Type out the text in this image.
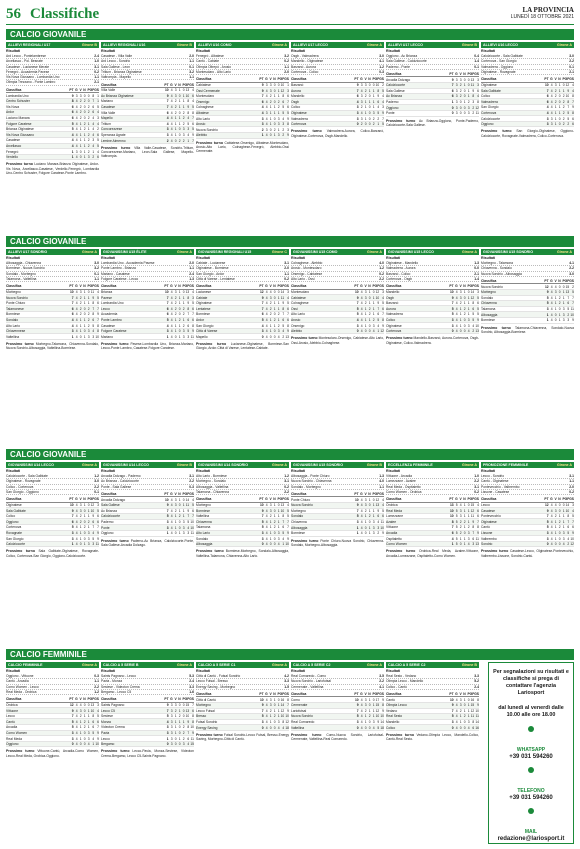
56 Classifiche	LA PROVINCIA
LUNEDÌ 18 OTTOBRE 2021
CALCIO GIOVANILE
ALLIEVI REGIONALI U17	Girone B
Risultati
Ard Lecco - Pontelambrese	2-4
Arcellasco - Pol. Besnate	1-0
Casatese - Lucianese Merate	3-1
Fenegrò - Accademia Pavese	0-2
Vis Nova Giussano - Lombardia Uno	1-1
Olimpia Trezzano - Ponte Lambro	2-1
Classifica	PT	G	V	N	P	GF	GS
Lombardia Uno	9	3	3	0	0	8	1
Centro Schuster	8	4	2	2	0	7	1
Vis Nova	6	4	2	0	2	6	5
Ardor	6	4	2	0	2	6	4
Luciano Manara	6	4	2	0	2	4	3
Folgore Caratese	5	4	1	2	1	4	4
Brianza Olginatese	5	4	1	2	1	4	2
Vis Nova Giussano	4	4	1	1	2	4	6
Casatese	4	4	1	1	2	3	5
Arcellasco	4	4	1	1	2	4	5
Fenegrò	1	3	0	1	2	1	4
Verdello	1	4	0	1	3	2	6
Prossimo turno Luciano Manara-Brianza Olginatese, Ardor-Vis Nova, Arcellasco-Casatese, Verdello-Fenegrò, Lombardia Uno-Centro Schuster, Folgore Caratese-Ponte Lambro.
ALLIEVI REGIONALI U16	Girone B
Risultati
Casatese - Villa Valle	2-0
Ard Lecco - Sondrio	1-1
Sala Gallese - Leon	0-1
Tritium - Brianza Olginatese	3-2
Valtrompia - Mapello	1-1
Classifica	PT	G	V	N	P	GF	GS
Villa Valle	10	4	3	1	0	13	4
Ac Brianza Olginatese	9	4	3	0	1	10	6
Mariano	7	4	2	1	1	8	4
Casatese	7	4	2	1	1	9	5
Villa Valle	6	4	2	0	2	8	8
Mapello	4	4	1	1	2	4	7
Tritium	4	4	1	1	2	5	6
Concorezzese	3	4	1	0	3	3	5
Speranza Agrate	3	4	1	0	3	4	9
Lemine Almenno	2	4	0	2	2	1	7
Prossimo turno Villa Valle-Casatese, Sondrio-Tritium, Concorezzese-Mariano, Leon-Sala Gallese, Mapello-Valtrompia.
ALLIEVI U16 COMO	Girone A
Risultati
Fenegrò - Albatese	3-2
Cantù - Cabiate	0-2
Olimpia Oltrepò - Arosio	1-1
Montesolaro - Alto Lario	2-0
Classifica	PT	G	V	N	P	GF	GS
Cabiatese	9	3	3	0	0	10	1
Ossi Cermenate	9	4	3	0	1	12	3
Montesolaro	7	4	2	1	1	8	6
Orsenigo	6	4	2	0	2	6	7
Colnaghese	4	4	1	1	2	5	6
Albatese	4	3	1	1	1	5	5
Alto Lario	3	4	1	0	3	4	9
Arosio	3	4	1	0	3	3	8
Nuova Sondrio	2	3	0	2	1	2	3
Alebbio	1	4	0	1	3	2	9
Prossimo turno Cabiatese-Orsenigo, Albatese-Montesolaro, Arosio-Alto Lario, Colnaghese-Fenegrò, Alebbio-Ossi Cermenate.
ALLIEVI U17 LECCO	Girone A
Risultati
Osgb - Valmadrera	3-0
Mandello - Olginatese	4-1
Barzanò - Aurora	1-2
Cortenova - Colico	0-3
Classifica	PT	G	V	N	P	GF	GS
Barzanò	9	3	3	0	0	10	2
Aurora	7	4	2	1	1	8	5
Mandello	6	3	2	0	1	9	4
Osgb	4	3	1	1	1	6	4
Colico	3	2	1	0	1	4	3
Olginatese	3	4	1	0	3	5	9
Valmadrera	3	3	1	0	2	2	7
Cortenova	0	2	0	0	2	1	5
Prossimo turno Valmadrera-Aurora, Colico-Barzanò, Olginatese-Cortenova, Osgb-Mandello.
ALLIEVI U17 LECCO	Girone B
Risultati
Oggiono - Ac Brianza	0-4
Sala Gallese - Calolziocorte	1-4
Paderno - Ponte	0-1
Classifica	PT	G	V	N	P	GF	GS
Arcadia Dolzago	9	3	3	0	0	13	3
Calolziocorte	7	3	2	1	0	11	3
Sala Gallese	6	3	2	0	1	9	6
Ac Brianza	6	3	2	0	1	8	4
Paderno	1	3	0	1	2	3	8
Oggiono	0	3	0	0	3	2	12
Ponte	0	3	0	0	3	2	11
Prossimo turno Ac Brianza-Oggiono, Ponte-Paderno, Calolziocorte-Sala Gallese.
ALLIEVI U16 LECCO	Girone A
Risultati
Calolziocorte - Sala Galbiate	3-0
Cortenova - San Giorgio	2-2
Valmadrera - Oggiono	0-1
Olginatese - Rovagnate	2-1
Classifica	PT	G	V	N	P	GF	GS
Olginatese	10	4	3	1	0	12	4
Sala Galbiate	7	4	2	1	1	9	4
Colico	6	4	2	0	2	10	8
Valmadrera	6	4	2	0	2	8	7
San Giorgio	4	4	1	1	2	7	9
Cortenova	4	4	1	1	2	5	8
Calolziocorte	3	3	1	0	2	5	6
Oggiono	3	3	1	0	2	2	6
Prossimo turno San Giorgio-Olginatese, Oggiono-Calolziocorte, Rovagnate-Valmadrera, Colico-Cortenova.
CALCIO GIOVANILE
ALLIEVI U17 SONDRIO	Girone A
Risultati
Albosaggia - Chiavenna	3-0
Bormiese - Nuova Sondrio	3-2
Sondalo - Morbegno	0-1
Talamona - Valtellina	1-1
Classifica	PT	G	V	N	P	GF	GS
Morbegno	10	4	3	1	0	11	4
Nuova Sondrio	7	4	2	1	1	9	5
Ponte Chiuro	7	4	2	1	1	8	6
Talamonese	6	4	2	0	2	7	7
Bormiese	6	4	2	0	2	8	9
Sondalo	4	4	1	1	2	6	7
Alto Lario	4	4	1	1	2	5	8
Chiavennese	3	4	1	0	3	4	8
Valtellina	1	4	0	1	3	3	10
Prossimo turno Morbegno-Talamona, Chiavenna-Sondalo, Nuova Sondrio-Albosaggia, Valtellina-Bormiese.
GIOVANISSIMI U15 ÉLITE	Girone A
Risultati
Lombardia Uno - Accademia Pavese	2-0
Ponte Lambro - Brianza	1-1
Mariano - Casatese	2-4
Folgore Caratese - Lecco	1-3
Classifica	PT	G	V	N	P	GF	GS
Brianza	10	4	3	1	0	13	4
Pavese	7	4	2	1	1	8	3
Lombardia Uno	7	4	2	1	1	9	5
Lecco	6	4	2	0	2	8	6
Accademia	6	4	2	0	2	7	7
Ponte Lambro	5	4	1	2	1	6	6
Casatese	4	4	1	1	2	6	8
Folgore Caratese	3	4	1	0	3	5	9
Mariano	1	4	0	1	3	3	11
Prossimo turno Pavese-Lombardia Uno, Brianza-Mariano, Lecco-Ponte Lambro, Casatese-Folgore Caratese.
GIOVANISSIMI REGIONALI U15	Girone C
Risultati
Cabiate - Lucianese	3-1
Olginatese - Bormiese	2-0
San Giorgio - Ardor	1-1
Città di Varese - Lentatese	0-2
Classifica	PT	G	V	N	P	GF	GS
Lucianese	12	4	4	0	0	14	3
Cabiate	9	4	3	0	1	11	4
Olginatese	7	4	2	1	1	9	5
Lentatese	7	4	2	1	1	8	6
Bormiese	6	4	2	0	2	7	7
Ardor	5	4	1	2	1	6	6
San Giorgio	4	4	1	1	2	5	8
Città di Varese	3	4	1	0	3	4	9
Mapello	0	4	0	0	4	2	13
Prossimo turno Lucianese-Olginatese, Bormiese-San Giorgio, Ardor-Città di Varese, Lentatese-Cabiate.
GIOVANISSIMI U15 COMO	Girone A
Risultati
Colnaghese - Alebbio	4-0
Arosio - Montesolaro	1-2
Orsenigo - Cabiatese	0-2
Alto Lario - Ossi	2-2
Classifica	PT	G	V	N	P	GF	GS
Montesolaro	10	4	3	1	0	12	3
Cabiatese	9	4	3	0	1	10	4
Colnaghese	7	4	2	1	1	9	5
Ossi	5	4	1	2	1	7	6
Alto Lario	5	4	1	2	1	6	7
Arosio	4	4	1	1	2	5	8
Orsenigo	3	4	1	0	3	4	9
Alebbio	0	4	0	0	4	1	12
Prossimo turno Montesolaro-Orsenigo, Cabiatese-Alto Lario, Ossi-Arosio, Alebbio-Colnaghese.
GIOVANISSIMI U15 LECCO	Girone A
Risultati
Olginatese - Mandello	1-3
Valmadrera - Aurora	0-0
Barzanò - Colico	2-1
Cortenova - Osgb	1-4
Classifica	PT	G	V	N	P	GF	GS
Mandello	10	4	3	1	0	14	3
Osgb	9	4	3	0	1	12	5
Barzanò	7	4	2	1	1	8	6
Aurora	5	4	1	2	1	6	5
Valmadrera	5	4	1	2	1	5	5
Colico	3	4	1	0	3	5	9
Olginatese	3	4	1	0	3	4	10
Cortenova	0	4	0	0	4	2	13
Prossimo turno Mandello-Barzanò, Aurora-Cortenova, Osgb-Olginatese, Colico-Valmadrera.
GIOVANISSIMI U15 SONDRIO	Girone A
Risultati
Morbegno - Talamona	4-1
Chiavenna - Sondalo	2-2
Nuova Sondrio - Albosaggia	3-0
Classifica	PT	G	V	N	P	GF	GS
Nuova Sondrio	12	4	4	0	0	15	2
Morbegno	9	4	3	0	1	13	5
Sondalo	5	4	1	2	1	7	7
Chiavenna	5	4	1	2	1	6	7
Talamona	3	4	1	0	3	5	11
Albosaggia	1	4	0	1	3	2	10
Bormiese	1	4	0	1	3	3	9
Prossimo turno Talamona-Chiavenna, Sondalo-Nuova Sondrio, Albosaggia-Bormiese.
CALCIO GIOVANILE
GIOVANISSIMI U14 LECCO	Girone A
Risultati
Calolziocorte - Sala Galbiate	1-2
Olginatese - Rovagnate	3-0
Colico - Cortenova	2-2
San Giorgio - Oggiono	0-1
Classifica	PT	G	V	N	P	GF	GS
Olginatese	10	4	3	1	0	12	3
Sala Galbiate	9	4	3	0	1	10	5
Colico	7	4	2	1	1	9	6
Oggiono	6	4	2	0	2	6	6
Cortenova	5	4	1	2	1	7	7
Rovagnate	3	4	1	0	3	4	9
San Giorgio	3	4	1	0	3	5	9
Calolziocorte	1	4	0	1	3	3	11
Prossimo turno Sala Galbiate-Olginatese, Rovagnate-Colico, Cortenova-San Giorgio, Oggiono-Calolziocorte.
GIOVANISSIMI U14 LECCO	Girone B
Risultati
Arcadia Dolzago - Paderno	3-1
Ac Brianza - Calolziocorte	2-2
Ponte - Sala Gallese	0-3
Classifica	PT	G	V	N	P	GF	GS
Arcadia Dolzago	10	4	3	1	0	14	4
Sala Gallese	9	4	3	0	1	11	5
Ac Brianza	7	4	2	1	1	9	6
Calolziocorte	5	4	1	2	1	7	7
Paderno	3	4	1	0	3	5	10
Ponte	3	4	1	0	3	4	10
Oggiono	1	4	0	1	3	3	11
Prossimo turno Paderno-Ac Brianza, Calolziocorte-Ponte, Sala Gallese-Arcadia Dolzago.
GIOVANISSIMI U14 SONDRIO	Girone A
Risultati
Alto Lario - Bormiese	1-2
Morbegno - Sondalo	3-1
Albosaggia - Valtellina	0-2
Talamona - Chiavenna	2-2
Classifica	PT	G	V	N	P	GF	GS
Morbegno	10	4	3	1	0	13	4
Bormiese	9	4	3	0	1	10	5
Valtellina	7	4	2	1	1	8	5
Chiavenna	5	4	1	2	1	7	7
Talamona	5	4	1	2	1	6	7
Alto Lario	3	4	1	0	3	5	9
Sondalo	3	4	1	0	3	4	9
Albosaggia	0	4	0	0	4	1	10
Prossimo turno Bormiese-Morbegno, Sondalo-Albosaggia, Valtellina-Talamona, Chiavenna-Alto Lario.
GIOVANISSIMI U15 SONDRIO	Girone B
Risultati
Albosaggia - Ponte Chiuro	1-3
Nuova Sondrio - Chiavenna	4-0
Sondalo - Morbegno	1-1
Classifica	PT	G	V	N	P	GF	GS
Ponte Chiuro	10	4	3	1	0	12	4
Nuova Sondrio	9	4	3	0	1	13	4
Morbegno	7	4	2	1	1	9	5
Sondalo	5	4	1	2	1	6	6
Chiavenna	3	4	1	0	3	4	11
Albosaggia	1	4	0	1	3	3	10
Bormiese	1	4	0	1	3	2	9
Prossimo turno Ponte Chiuro-Nuova Sondrio, Chiavenna-Sondalo, Morbegno-Albosaggia.
ECCELLENZA FEMMINILE	Girone A
Risultati
Vittuone - Arcadia	1-0
Lumezzane - Azalee	2-2
Real Meda - Ospitaletto	3-1
Como Women - Orobica	0-2
Classifica	PT	G	V	N	P	GF	GS
Orobica	13	5	4	1	0	15	4
Real Meda	10	5	3	1	1	12	6
Lumezzane	10	5	3	1	1	11	6
Azalee	8	5	2	2	1	9	7
Vittuone	7	5	2	1	2	8	8
Arcadia	6	5	2	0	3	7	9
Ospitaletto	4	5	1	1	3	6	11
Como Women	1	5	0	1	4	3	13
Prossimo turno Orobica-Real Meda, Azalee-Vittuone, Arcadia-Lumezzane, Ospitaletto-Como Women.
PROMOZIONE FEMMINILE	Girone A
Risultati
Lecco - Sondrio	3-1
Cantù - Olginatese	1-1
Pontevecchio - Valbrembo	2-0
Lissone - Casatese	0-2
Classifica	PT	G	V	N	P	GF	GS
Lecco	12	4	4	0	0	14	3
Casatese	9	4	3	0	1	10	4
Pontevecchio	7	4	2	1	1	8	5
Olginatese	5	4	1	2	1	7	7
Cantù	5	4	1	2	1	6	6
Lissone	3	4	1	0	3	5	9
Valbrembo	3	4	1	0	3	4	10
Sondrio	0	4	0	0	4	2	12
Prossimo turno Casatese-Lecco, Olginatese-Pontevecchio, Valbrembo-Lissone, Sondrio-Cantù.
CALCIO FEMMINILE
CALCIO FEMMINILE	Girone A
Risultati
Oggiono - Vittuone	0-3
Cantù - Arcadia	1-1
Como Women - Lecco	2-2
Real Meda - Orobica	1-2
Classifica	PT	G	V	N	P	GF	GS
Orobica	12	4	4	0	0	13	3
Vittuone	9	4	3	0	1	10	4
Lecco	7	4	2	1	1	8	5
Cantù	5	4	1	2	1	6	6
Arcadia	5	4	1	2	1	6	7
Como Women	3	4	1	0	3	5	9
Real Meda	3	4	1	0	3	4	9
Oggiono	0	4	0	0	4	1	10
Prossimo turno Vittuone-Cantù, Arcadia-Como Women, Lecco-Real Meda, Orobica-Oggiono.
CALCIO A 5 SERIE B	Girone A
Risultati
Saints Pagnano - Lecco	5-3
Pavia - Monza	2-4
Sestese - Videoton Crema	3-3
Bergamo - Lecco C5	1-6
Classifica	PT	G	V	N	P	GF	GS
Saints Pagnano	9	3	3	0	0	15	7
Lecco C5	7	3	2	1	0	13	6
Sestese	5	3	1	2	0	10	8
Monza	4	3	1	1	1	9	8
Videoton Crema	3	3	1	0	2	8	10
Pavia	3	3	1	0	2	7	9
Lecco	1	3	0	1	2	6	11
Bergamo	0	3	0	0	3	4	15
Prossimo turno Lecco-Pavia, Monza-Sestese, Videoton Crema-Bergamo, Lecco C5-Saints Pagnano.
CALCIO A 5 SERIE C1	Girone A
Risultati
Città di Cantù - Futsal Sondrio	4-2
Lecco Futsal - Bresso	3-3
Energy Saving - Morbegno	1-5
Classifica	PT	G	V	N	P	GF	GS
Città di Cantù	10	4	3	1	0	16	8
Morbegno	9	4	3	0	1	14	7
Lecco Futsal	7	4	2	1	1	12	9
Bresso	5	4	1	2	1	10	10
Futsal Sondrio	3	4	1	0	3	8	12
Energy Saving	0	4	0	0	4	4	18
Prossimo turno Futsal Sondrio-Lecco Futsal, Bresso-Energy Saving, Morbegno-Città di Cantù.
CALCIO A 5 SERIE C2	Girone A
Risultati
Real Cornaredo - Como	3-5
Nuova Sondrio - Lariofutsal	2-2
Cermenate - Valtellina	4-1
Classifica	PT	G	V	N	P	GF	GS
Como	10	4	3	1	0	17	9
Cermenate	9	4	3	0	1	15	8
Lariofutsal	7	4	2	1	1	12	9
Nuova Sondrio	5	4	1	2	1	10	10
Real Cornaredo	3	4	1	0	3	9	14
Valtellina	0	4	0	0	4	5	18
Prossimo turno Como-Nuova Sondrio, Lariofutsal-Cermenate, Valtellina-Real Cornaredo.
CALCIO A 5 SERIE C2	Girone B
Risultati
Real Sesto - Vedano	3-3
Olimpia Lecco - Mandello	5-2
Colico - Cantù	2-4
Classifica	PT	G	V	N	P	GF	GS
Cantù	10	4	3	1	0	16	8
Olimpia Lecco	9	4	3	0	1	15	9
Vedano	7	4	2	1	1	12	10
Real Sesto	5	4	1	2	1	11	11
Mandello	3	4	1	0	3	8	14
Colico	0	4	0	0	4	6	16
Prossimo turno Vedano-Olimpia Lecco, Mandello-Colico, Cantù-Real Sesto.
Per segnalazioni su risultati e classifiche si prega di contattare l'agenzia Lariosport
dal lunedì al venerdì dalle 10.00 alle ore 18.00
WHATSAPP
+39 031 594260
TELEFONO
+39 031 594260
MAIL
redazione@lariosport.it
